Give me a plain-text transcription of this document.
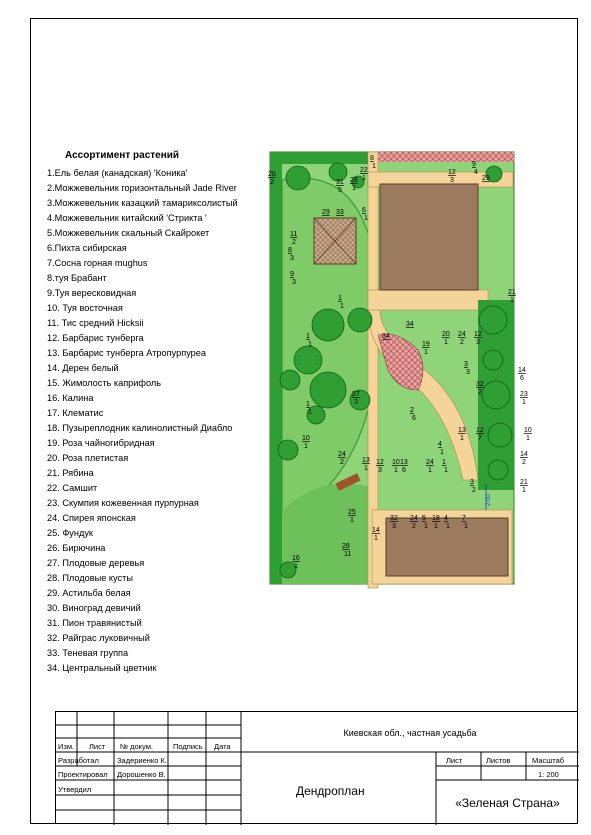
Ассортимент растений
1.Ель белая (канадская) 'Коника'
2.Можжевельник горизонтальный Jade River
3.Можжевельник казацкий тамариксолистый
4.Можжевельник китайский 'Стрикта '
5.Можжевельник скальный Скайрокет
6.Пихта сибирская
7.Сосна горная mughus
8.туя Брабант
9.Туя вересковидная
10. Туя восточная
11. Тис средний Hicksii
12. Барбарис тунберга
13. Барбарис тунберга Атропурпуреа
14. Дерен белый
15. Жимолость каприфоль
16. Калина
17. Клематис
18. Пузыреплодник калинолистный Диабло
19. Роза чайногибридная
20. Роза плетистая
21. Рябина
22. Самшит
23. Скумпия кожевенная пурпурная
24. Спирея японская
25. Фундук
26. Бирючина
27. Плодовые деревья
28. Плодовые кусты
29. Астильба белая
30. Виноград девичий
31. Пион травянистый
32. Райграс луковичный
33. Теневая группа
34. Центральный цветник
2.00
8
1
22
1
26
2	31
5
28
1
12
3
9
4
29
11
2
29 33	6
1
8
3
9
3
21
1
1
1
34
20
1
24
2
12
3
1
1
34
19
1
3
3	14
6
32
2	23
1
27
3
1
1	2
6
13
1
12
7
10
1
10
1
4
1	14
2
24
2	13
1
12
3
10
1
13
6
24
1
1
1
21
1
3
2
25
1
14
1
32
3
24
2
5
1
18
1
4
1
7
1
28
11
16
1
Киевская обл., частная усадьба
Изм. Лист № докум.	Подпись Дата
Разработал Задериенко К.
Проектировал Дорошенко В.
Утвердил
Лист	Листов	Масштаб
1: 200
Дендроплан
«Зеленая Страна»
